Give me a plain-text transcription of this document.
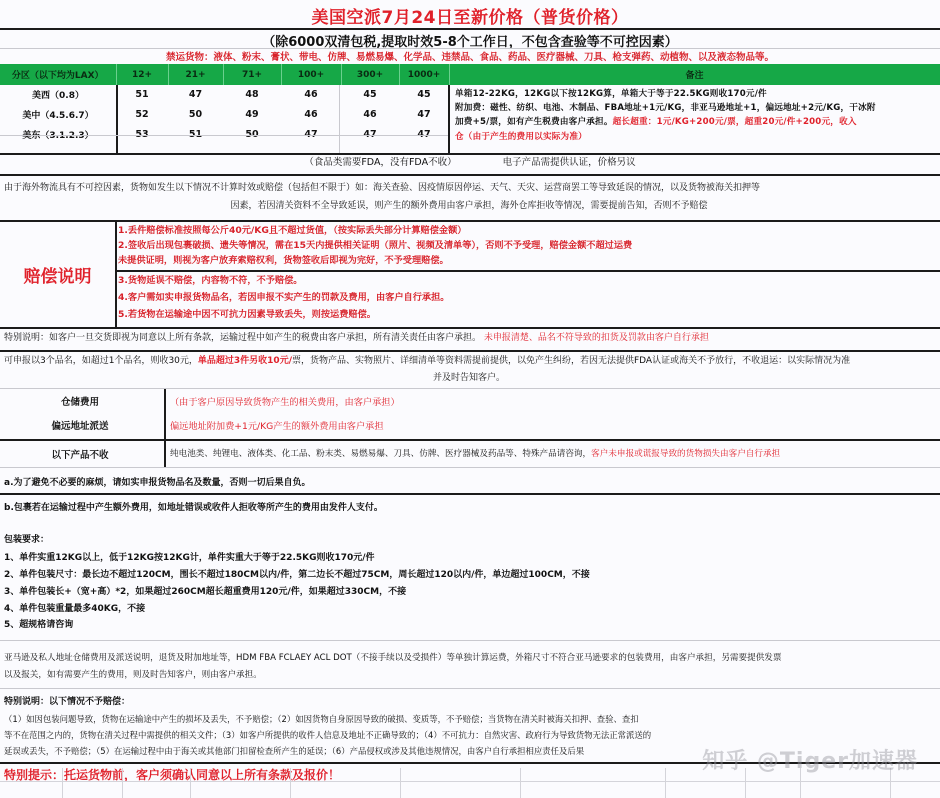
美国空派7月24日至新价格（普货价格）
（除6000双清包税,提取时效5-8个工作日，不包含查验等不可控因素）
禁运货物：液体、粉末、膏状、带电、仿牌、易燃易爆、化学品、违禁品、食品、药品、医疗器械、刀具、枪支弹药、动植物、以及液态物品等。
分区（以下均为LAX）	12+	21+	71+	100+	300+	1000+	备注
美西（0.8）	51	47	48	46	45	45	单箱12-22KG，12KG以下按12KG算，单箱大于等于22.5KG则收170元/件
附加费：磁性、纺织、电池、木制品、FBA地址+1元/KG，非亚马逊地址+1，偏远地址+2元/KG，干冰附
加费+5/票，如有产生税费由客户承担。超长超重：1元/KG+200元/票，超重20元/件+200元，收入
仓（由于产生的费用以实际为准）

美中（4.5.6.7）	52	50	49	46	46	47	
美东（3.1.2.3）	53	51	50	47	47	47	
（食品类需要FDA，没有FDA不收）	电子产品需提供认证，价格另议
由于海外物流具有不可控因素，货物如发生以下情况不计算时效或赔偿（包括但不限于）如：海关查验、因疫情原因停运、天气、天灾、运营商罢工等导致延误的情况，以及货物被海关扣押等
因素，若因清关资料不全导致延误，则产生的额外费用由客户承担，海外仓库拒收等情况，需要提前告知，否则不予赔偿
赔偿说明
1.丢件赔偿标准按照每公斤40元/KG且不超过货值，（按实际丢失部分计算赔偿金额）
2.签收后出现包裹破损、遗失等情况，需在15天内提供相关证明（照片、视频及清单等），否则不予受理，赔偿金额不超过运费
未提供证明，则视为客户放弃索赔权利，货物签收后即视为完好，不予受理赔偿。
3.货物延误不赔偿，内容物不符，不予赔偿。
4.客户需如实申报货物品名，若因申报不实产生的罚款及费用，由客户自行承担。
5.若货物在运输途中因不可抗力因素导致丢失，则按运费赔偿。
特别说明：如客户一旦交货即视为同意以上所有条款，运输过程中如产生的税费由客户承担，所有清关责任由客户承担。 未申报清楚、品名不符导致的扣货及罚款由客户自行承担
可申报以3个品名，如超过1个品名，则收30元，单品超过3件另收10元/票，货物产品、实物照片、详细清单等资料需提前提供，以免产生纠纷，若因无法提供FDA认证或海关不予放行，不收退运：以实际情况为准
并及时告知客户。
仓储费用	（由于客户原因导致货物产生的相关费用，由客户承担）
偏远地址派送	偏远地址附加费+1元/KG产生的额外费用由客户承担
以下产品不收	纯电池类、纯锂电、液体类、化工品、粉末类、易燃易爆、刀具、仿牌、医疗器械及药品等、特殊产品请咨询，客户未申报或谎报导致的货物损失由客户自行承担
a.为了避免不必要的麻烦，请如实申报货物品名及数量，否则一切后果自负。
b.包裹若在运输过程中产生额外费用，如地址错误或收件人拒收等所产生的费用由发件人支付。
包装要求：
1、单件实重12KG以上，低于12KG按12KG计，单件实重大于等于22.5KG则收170元/件
2、单件包装尺寸：最长边不超过120CM，围长不超过180CM以内/件，第二边长不超过75CM，周长超过120以内/件，单边超过100CM，不接
3、单件包装长+（宽+高）*2，如果超过260CM超长超重费用120元/件，如果超过330CM，不接
4、单件包装重量最多40KG，不接
5、超规格请咨询
亚马逊及私人地址仓储费用及派送说明，退货及附加地址等，HDM FBA FCLAEY ACL DOT（不接手续以及受损件）等单独计算运费，外箱尺寸不符合亚马逊要求的包装费用，由客户承担，另需要提供发票
以及报关，如有需要产生的费用，则及时告知客户，则由客户承担。
特别说明：以下情况不予赔偿：
（1）如因包装问题导致，货物在运输途中产生的损坏及丢失，不予赔偿；（2）如因货物自身原因导致的破损、变质等，不予赔偿；当货物在清关时被海关扣押、查验、查扣
等不在范围之内的，货物在清关过程中需提供的相关文件；（3）如客户所提供的收件人信息及地址不正确导致的；（4）不可抗力：自然灾害、政府行为导致货物无法正常派送的
延误或丢失，不予赔偿；（5）在运输过程中由于海关或其他部门扣留检查所产生的延误；（6）产品侵权或涉及其他违规情况，由客户自行承担相应责任及后果
特别提示：托运货物前，客户须确认同意以上所有条款及报价！
知乎 @Tiger加速器
